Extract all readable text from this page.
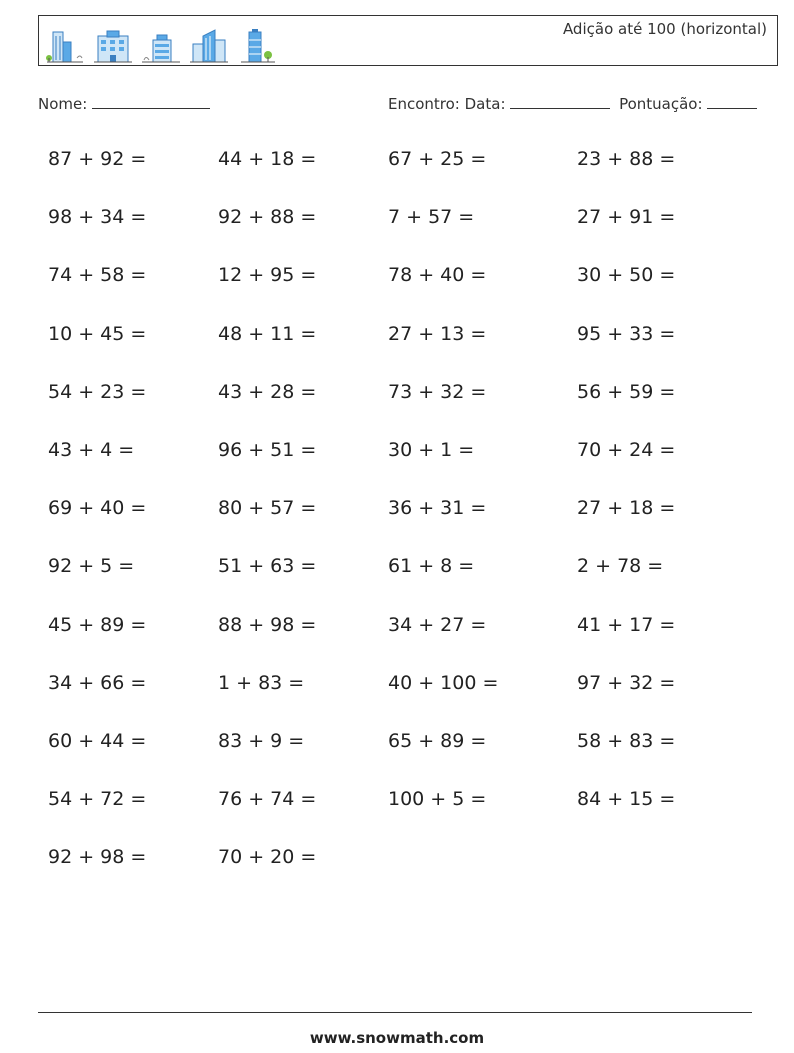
Adição até 100 (horizontal)
Nome:	Encontro: Data:	Pontuação:
87 + 92 =	44 + 18 =	67 + 25 =	23 + 88 =
98 + 34 =	92 + 88 =	7 + 57 =	27 + 91 =
74 + 58 =	12 + 95 =	78 + 40 =	30 + 50 =
10 + 45 =	48 + 11 =	27 + 13 =	95 + 33 =
54 + 23 =	43 + 28 =	73 + 32 =	56 + 59 =
43 + 4 =	96 + 51 =	30 + 1 =	70 + 24 =
69 + 40 =	80 + 57 =	36 + 31 =	27 + 18 =
92 + 5 =	51 + 63 =	61 + 8 =	2 + 78 =
45 + 89 =	88 + 98 =	34 + 27 =	41 + 17 =
34 + 66 =	1 + 83 =	40 + 100 =	97 + 32 =
60 + 44 =	83 + 9 =	65 + 89 =	58 + 83 =
54 + 72 =	76 + 74 =	100 + 5 =	84 + 15 =
92 + 98 =	70 + 20 =
www.snowmath.com
